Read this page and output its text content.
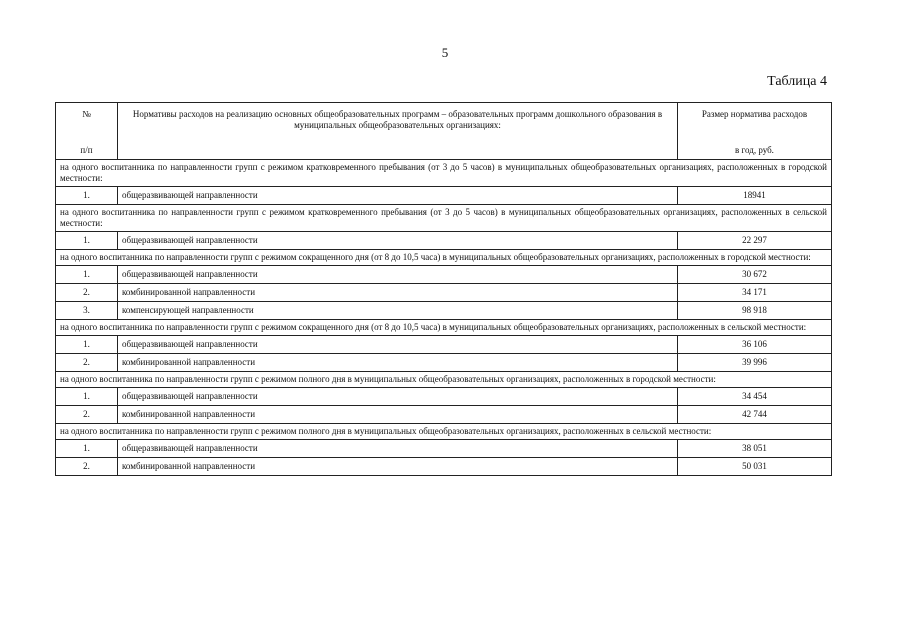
5
Таблица 4
№
п/п	Нормативы расходов на реализацию основных общеобразовательных программ – образовательных программ дошкольного образования в муниципальных общеобразовательных организациях:	Размер норматива расходов
в год, руб.

на одного воспитанника по направленности групп с режимом кратковременного пребывания (от 3 до 5 часов) в муниципальных общеобразовательных организациях, расположенных в городской местности:		
1.	общеразвивающей направленности	18941
на одного воспитанника по направленности групп с режимом кратковременного пребывания (от 3 до 5 часов) в муниципальных общеобразовательных организациях, расположенных в сельской местности:		
1.	общеразвивающей направленности	22 297
на одного воспитанника по направленности групп с режимом сокращенного дня (от 8 до 10,5 часа) в муниципальных общеобразовательных организациях, расположенных в городской местности:		
1.	общеразвивающей направленности	30 672
2.	комбинированной направленности	34 171
3.	компенсирующей направленности	98 918
на одного воспитанника по направленности групп с режимом сокращенного дня (от 8 до 10,5 часа) в муниципальных общеобразовательных организациях, расположенных в сельской местности:		
1.	общеразвивающей направленности	36 106
2.	комбинированной направленности	39 996
на одного воспитанника по направленности групп с режимом полного дня в муниципальных общеобразовательных организациях, расположенных в городской местности:		
1.	общеразвивающей направленности	34 454
2.	комбинированной направленности	42 744
на одного воспитанника по направленности групп с режимом полного дня в муниципальных общеобразовательных организациях, расположенных в сельской местности:		
1.	общеразвивающей направленности	38 051
2.	комбинированной направленности	50 031
